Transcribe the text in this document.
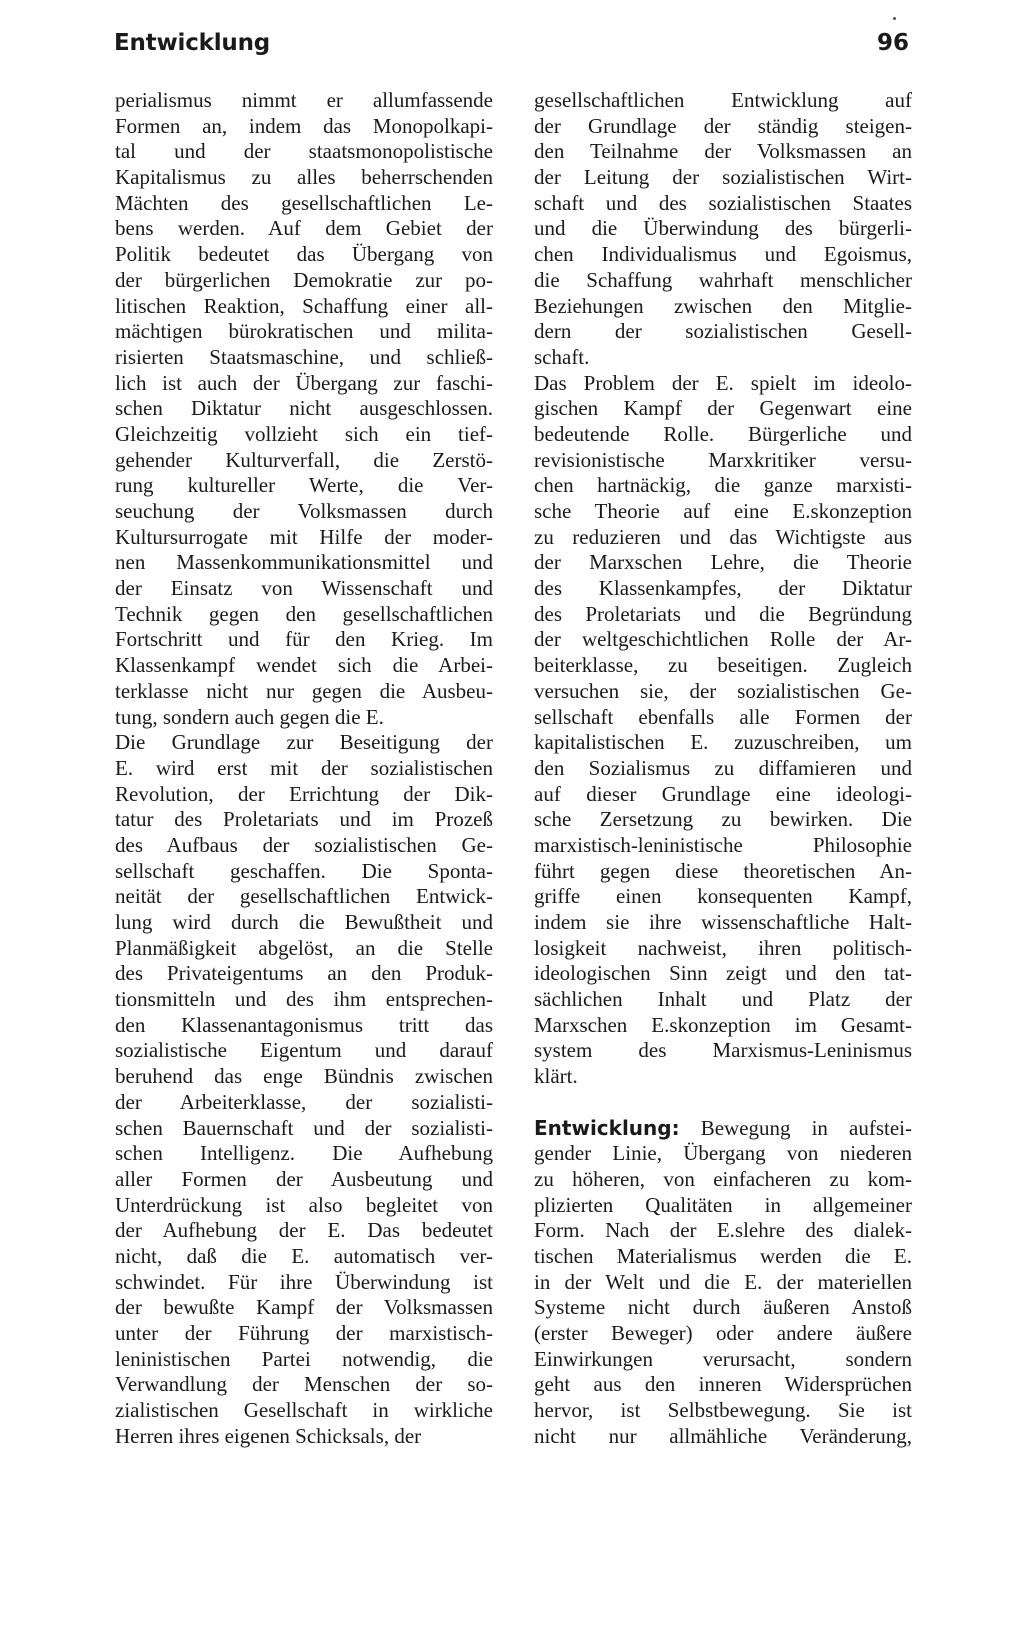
Entwicklung	96
perialismus nimmt er allumfassende
Formen an, indem das Monopolkapi-
tal und der staatsmonopolistische
Kapitalismus zu alles beherrschenden
Mächten des gesellschaftlichen Le-
bens werden. Auf dem Gebiet der
Politik bedeutet das Übergang von
der bürgerlichen Demokratie zur po-
litischen Reaktion, Schaffung einer all-
mächtigen bürokratischen und milita-
risierten Staatsmaschine, und schließ-
lich ist auch der Übergang zur faschi-
schen Diktatur nicht ausgeschlossen.
Gleichzeitig vollzieht sich ein tief-
gehender Kulturverfall, die Zerstö-
rung kultureller Werte, die Ver-
seuchung der Volksmassen durch
Kultursurrogate mit Hilfe der moder-
nen Massenkommunikationsmittel und
der Einsatz von Wissenschaft und
Technik gegen den gesellschaftlichen
Fortschritt und für den Krieg. Im
Klassenkampf wendet sich die Arbei-
terklasse nicht nur gegen die Ausbeu-
tung, sondern auch gegen die E.
Die Grundlage zur Beseitigung der
E. wird erst mit der sozialistischen
Revolution, der Errichtung der Dik-
tatur des Proletariats und im Prozeß
des Aufbaus der sozialistischen Ge-
sellschaft geschaffen. Die Sponta-
neität der gesellschaftlichen Entwick-
lung wird durch die Bewußtheit und
Planmäßigkeit abgelöst, an die Stelle
des Privateigentums an den Produk-
tionsmitteln und des ihm entsprechen-
den Klassenantagonismus tritt das
sozialistische Eigentum und darauf
beruhend das enge Bündnis zwischen
der Arbeiterklasse, der sozialisti-
schen Bauernschaft und der sozialisti-
schen Intelligenz. Die Aufhebung
aller Formen der Ausbeutung und
Unterdrückung ist also begleitet von
der Aufhebung der E. Das bedeutet
nicht, daß die E. automatisch ver-
schwindet. Für ihre Überwindung ist
der bewußte Kampf der Volksmassen
unter der Führung der marxistisch-
leninistischen Partei notwendig, die
Verwandlung der Menschen der so-
zialistischen Gesellschaft in wirkliche
Herren ihres eigenen Schicksals, der
gesellschaftlichen Entwicklung auf
der Grundlage der ständig steigen-
den Teilnahme der Volksmassen an
der Leitung der sozialistischen Wirt-
schaft und des sozialistischen Staates
und die Überwindung des bürgerli-
chen Individualismus und Egoismus,
die Schaffung wahrhaft menschlicher
Beziehungen zwischen den Mitglie-
dern der sozialistischen Gesell-
schaft.
Das Problem der E. spielt im ideolo-
gischen Kampf der Gegenwart eine
bedeutende Rolle. Bürgerliche und
revisionistische Marxkritiker versu-
chen hartnäckig, die ganze marxisti-
sche Theorie auf eine E.skonzeption
zu reduzieren und das Wichtigste aus
der Marxschen Lehre, die Theorie
des Klassenkampfes, der Diktatur
des Proletariats und die Begründung
der weltgeschichtlichen Rolle der Ar-
beiterklasse, zu beseitigen. Zugleich
versuchen sie, der sozialistischen Ge-
sellschaft ebenfalls alle Formen der
kapitalistischen E. zuzuschreiben, um
den Sozialismus zu diffamieren und
auf dieser Grundlage eine ideologi-
sche Zersetzung zu bewirken. Die
marxistisch-leninistische Philosophie
führt gegen diese theoretischen An-
griffe einen konsequenten Kampf,
indem sie ihre wissenschaftliche Halt-
losigkeit nachweist, ihren politisch-
ideologischen Sinn zeigt und den tat-
sächlichen Inhalt und Platz der
Marxschen E.skonzeption im Gesamt-
system des Marxismus-Leninismus
klärt.
Entwicklung: Bewegung in aufstei-
gender Linie, Übergang von niederen
zu höheren, von einfacheren zu kom-
plizierten Qualitäten in allgemeiner
Form. Nach der E.slehre des dialek-
tischen Materialismus werden die E.
in der Welt und die E. der materiellen
Systeme nicht durch äußeren Anstoß
(erster Beweger) oder andere äußere
Einwirkungen verursacht, sondern
geht aus den inneren Widersprüchen
hervor, ist Selbstbewegung. Sie ist
nicht nur allmähliche Veränderung,
